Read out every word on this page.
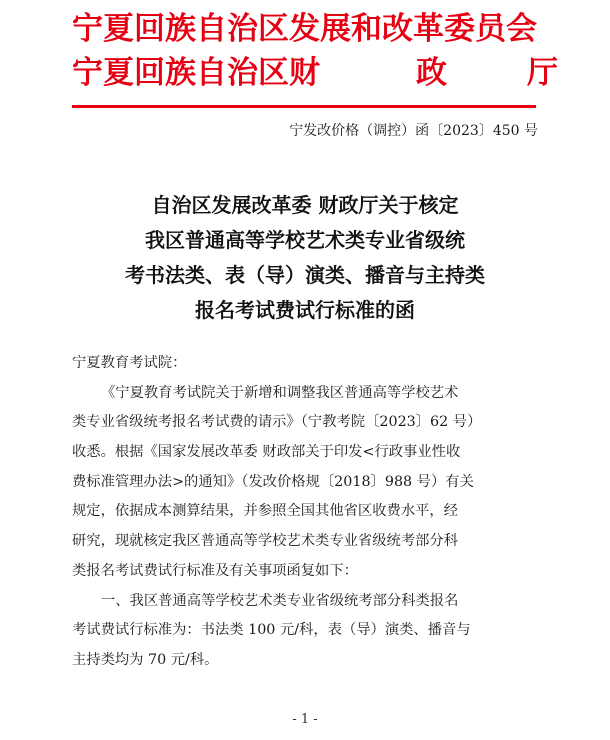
宁夏回族自治区发展和改革委员会
宁夏回族自治区财	政	厅
宁发改价格（调控）函〔2023〕450 号
自治区发展改革委 财政厅关于核定
我区普通高等学校艺术类专业省级统
考书法类、表（导）演类、播音与主持类
报名考试费试行标准的函
宁夏教育考试院：
《宁夏教育考试院关于新增和调整我区普通高等学校艺术
类专业省级统考报名考试费的请示》（宁教考院〔2023〕62 号）
收悉。根据《国家发展改革委 财政部关于印发<行政事业性收
费标准管理办法>的通知》（发改价格规〔2018〕988 号）有关
规定，依据成本测算结果，并参照全国其他省区收费水平，经
研究，现就核定我区普通高等学校艺术类专业省级统考部分科
类报名考试费试行标准及有关事项函复如下：
一、我区普通高等学校艺术类专业省级统考部分科类报名
考试费试行标准为：书法类 100 元/科，表（导）演类、播音与
主持类均为 70 元/科。
- 1 -
